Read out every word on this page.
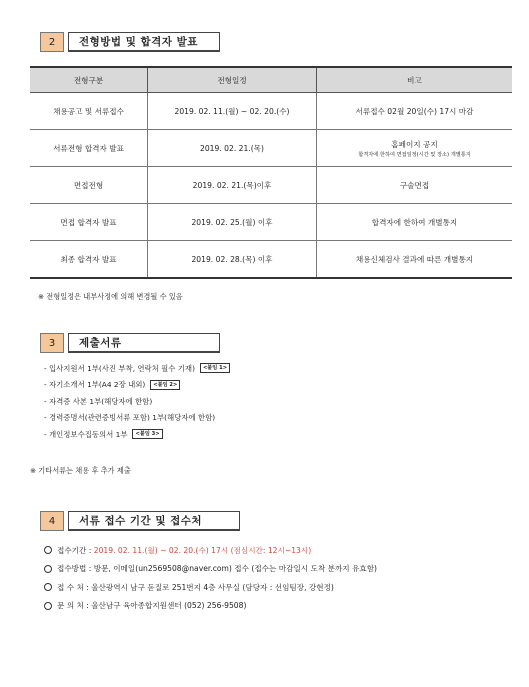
2	전형방법 및 합격자 발표
전형구분	전형일정	비고
채용공고 및 서류접수	2019. 02. 11.(월) ~ 02. 20.(수)	서류접수 02월 20일(수) 17시 마감
서류전형 합격자 발표	2019. 02. 21.(목)	홈페이지 공지
합격자에 한하여 면접일정(시간 및 장소) 개별통지

면접전형	2019. 02. 21.(목)이후	구술면접
면접 합격자 발표	2019. 02. 25.(월) 이후	합격자에 한하여 개별통지
최종 합격자 발표	2019. 02. 28.(목) 이후	채용신체검사 결과에 따른 개별통지
※ 전형일정은 내부사정에 의해 변경될 수 있음
3	제출서류
- 입사지원서 1부(사진 부착, 연락처 필수 기재)	<붙임 1>
- 자기소개서 1부(A4 2장 내외)	<붙임 2>
- 자격증 사본 1부(해당자에 한함)
- 경력증명서(관련증빙서류 포함) 1부(해당자에 한함)
- 개인정보수집동의서 1부	<붙임 3>
※ 기타서류는 채용 후 추가 제출
4	서류 접수 기간 및 접수처
접수기간 :
2019. 02. 11.(월) ~ 02. 20.(수) 17시 (점심시간: 12시~13시)
접수방법 : 방문, 이메일(un2569508@naver.com) 접수 (접수는 마감일시 도착 분까지 유효함)
접 수 처 : 울산광역시 남구 돋질로 251번지 4층 사무실 (담당자 : 선임팀장, 강현정)
문 의 처 : 울산남구 육아종합지원센터 (052) 256-9508)
